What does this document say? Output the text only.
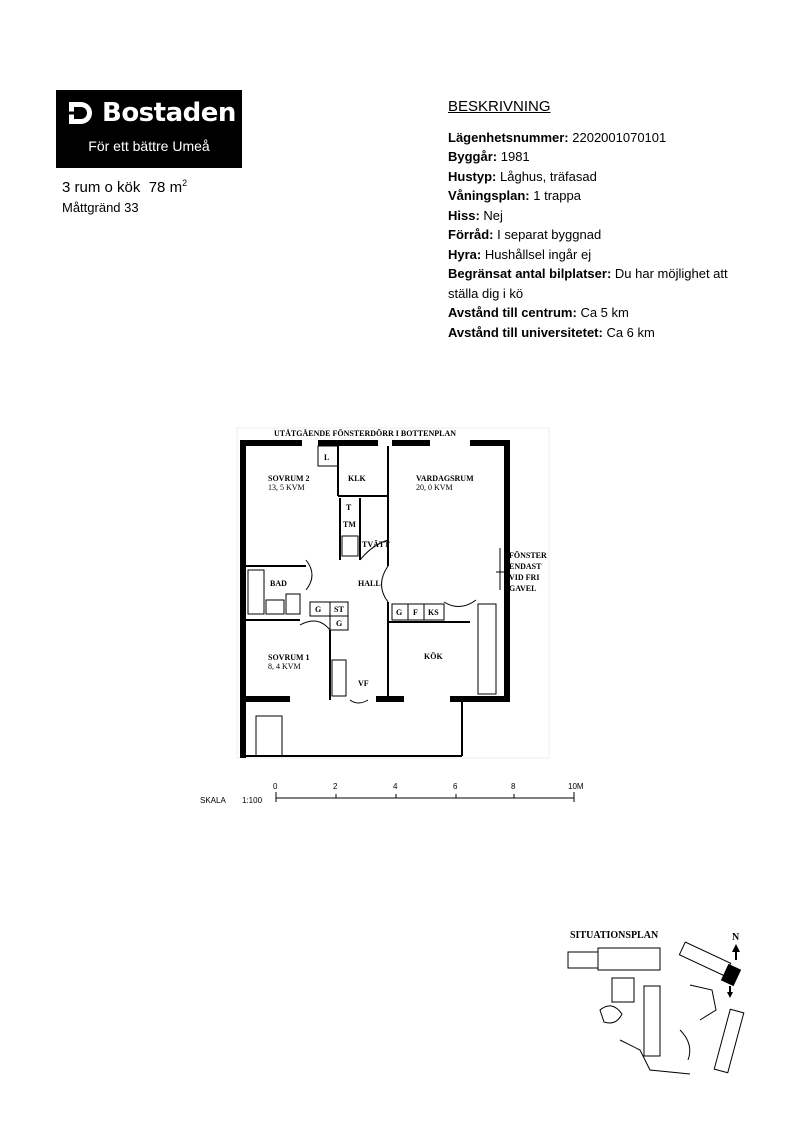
Bostaden
För ett bättre Umeå
3 rum o kök 78 $m^2$
Måttgränd 33
BESKRIVNING
Lägenhetsnummer: 2202001070101
Byggår: 1981
Hustyp: Låghus, träfasad
Våningsplan: 1 trappa
Hiss: Nej
Förråd: I separat byggnad
Hyra: Hushållsel ingår ej
Begränsat antal bilplatser: Du har möjlighet att ställa dig i kö
Avstånd till centrum: Ca 5 km
Avstånd till universitetet: Ca 6 km
UTÅTGÅENDE FÖNSTERDÖRR I BOTTENPLAN
SOVRUM 2
13, 5 KVM
L
KLK
T
TM
TVÄTT
VARDAGSRUM
20, 0 KVM
BAD	HALL
G ST
G
G F KS
KÖK
SOVRUM 1
8, 4 KVM
VF
FÖNSTER
ENDAST
VID FRI
GAVEL
SKALA 1:100
0	2	4	6	8	10M
SITUATIONSPLAN	N
